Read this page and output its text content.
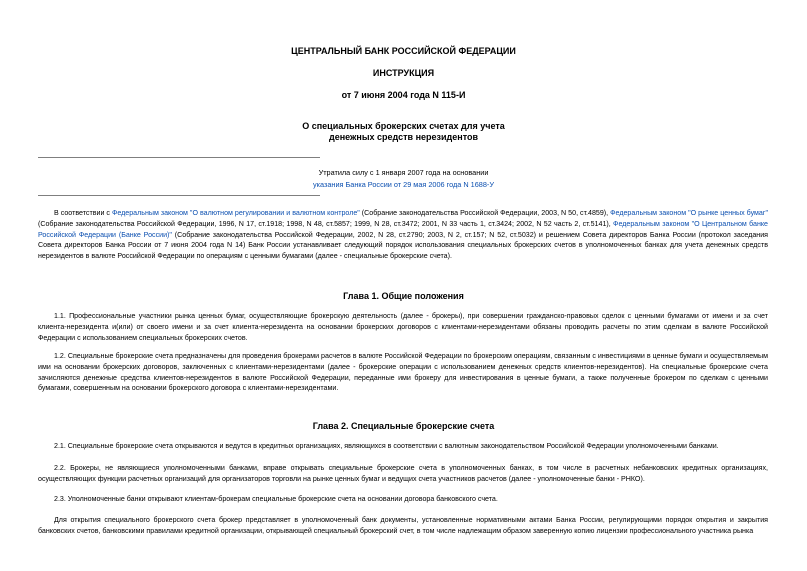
ЦЕНТРАЛЬНЫЙ БАНК РОССИЙСКОЙ ФЕДЕРАЦИИ
ИНСТРУКЦИЯ
от 7 июня 2004 года N 115-И
О специальных брокерских счетах для учета
денежных средств нерезидентов
Утратила силу с 1 января 2007 года на основании
указания Банка России от 29 мая 2006 года N 1688-У
В соответствии с Федеральным законом "О валютном регулировании и валютном контроле" (Собрание законодательства Российской Федерации, 2003, N 50, ст.4859), Федеральным законом "О рынке ценных бумаг" (Собрание законодательства Российской Федерации, 1996, N 17, ст.1918; 1998, N 48, ст.5857; 1999, N 28, ст.3472; 2001, N 33 часть 1, ст.3424; 2002, N 52 часть 2, ст.5141), Федеральным законом "О Центральном банке Российской Федерации (Банке России)" (Собрание законодательства Российской Федерации, 2002, N 28, ст.2790; 2003, N 2, ст.157; N 52, ст.5032) и решением Совета директоров Банка России (протокол заседания Совета директоров Банка России от 7 июня 2004 года N 14) Банк России устанавливает следующий порядок использования специальных брокерских счетов в уполномоченных банках для учета денежных средств нерезидентов в валюте Российской Федерации по операциям с ценными бумагами (далее - специальные брокерские счета).
Глава 1. Общие положения
1.1. Профессиональные участники рынка ценных бумаг, осуществляющие брокерскую деятельность (далее - брокеры), при совершении гражданско-правовых сделок с ценными бумагами от имени и за счет клиента-нерезидента и(или) от своего имени и за счет клиента-нерезидента на основании брокерских договоров с клиентами-нерезидентами обязаны проводить расчеты по этим сделкам в валюте Российской Федерации с использованием специальных брокерских счетов.
1.2. Специальные брокерские счета предназначены для проведения брокерами расчетов в валюте Российской Федерации по брокерским операциям, связанным с инвестициями в ценные бумаги и осуществляемым ими на основании брокерских договоров, заключенных с клиентами-нерезидентами (далее - брокерские операции с использованием денежных средств клиентов-нерезидентов). На специальные брокерские счета зачисляются денежные средства клиентов-нерезидентов в валюте Российской Федерации, переданные ими брокеру для инвестирования в ценные бумаги, а также полученные брокером по сделкам с ценными бумагами, совершенным на основании брокерского договора с клиентами-нерезидентами.
Глава 2. Специальные брокерские счета
2.1. Специальные брокерские счета открываются и ведутся в кредитных организациях, являющихся в соответствии с валютным законодательством Российской Федерации уполномоченными банками.
2.2. Брокеры, не являющиеся уполномоченными банками, вправе открывать специальные брокерские счета в уполномоченных банках, в том числе в расчетных небанковских кредитных организациях, осуществляющих функции расчетных организаций для организаторов торговли на рынке ценных бумаг и ведущих счета участников расчетов (далее - уполномоченные банки - РНКО).
2.3. Уполномоченные банки открывают клиентам-брокерам специальные брокерские счета на основании договора банковского счета.
Для открытия специального брокерского счета брокер представляет в уполномоченный банк документы, установленные нормативными актами Банка России, регулирующими порядок открытия и закрытия банковских счетов, банковскими правилами кредитной организации, открывающей специальный брокерский счет, в том числе надлежащим образом заверенную копию лицензии профессионального участника рынка
